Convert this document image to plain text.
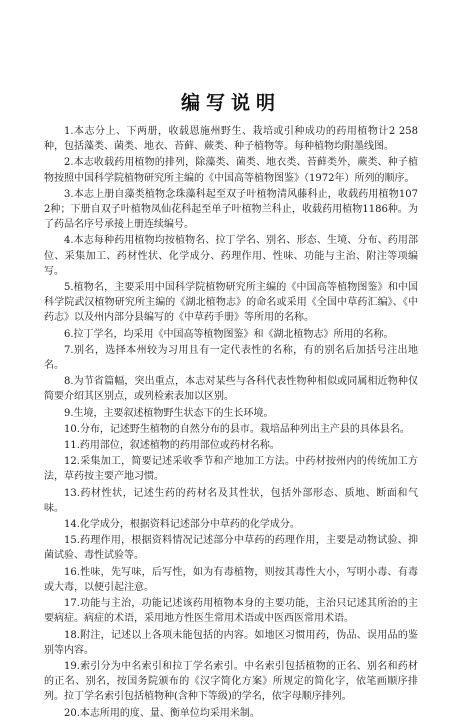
编写说明

1.本志分上、下两册，收载恩施州野生、栽培或引种成功的药用植物计2 258种，包括藻类、菌类、地衣、苔藓、蕨类、种子植物等。每种植物均附墨线图。

2.本志收载药用植物的排列，除藻类、菌类、地衣类、苔藓类外，蕨类、种子植物按照中国科学院植物研究所主编的《中国高等植物图鉴》（1972年）所列的顺序。

3.本志上册自藻类植物念珠藻科起至双子叶植物清风藤科止，收载药用植物1072种；下册自双子叶植物凤仙花科起至单子叶植物兰科止，收载药用植物1186种。为了药品名序号承接上册连续编号。

4.本志每种药用植物均按植物名、拉丁学名、别名、形态、生境、分布、药用部位、采集加工、药材性状、化学成分、药理作用、性味、功能与主治、附注等项编写。

5.植物名，主要采用中国科学院植物研究所主编的《中国高等植物图鉴》和中国科学院武汉植物研究所主编的《湖北植物志》的命名或采用《全国中草药汇编》、《中药志》以及州内部分县编写的《中草药手册》等所用的名称。

6.拉丁学名，均采用《中国高等植物图鉴》和《湖北植物志》所用的名称。

7.别名，选择本州较为习用且有一定代表性的名称，有的别名后加括号注出地名。

8.为节省篇幅，突出重点，本志对某些与各科代表性物种相似或同属相近物种仅简要介绍其区别点，或列检索表加以区别。

9.生境，主要叙述植物野生状态下的生长环境。

10.分布，记述野生植物的自然分布的县市。栽培品种列出主产县的具体县名。

11.药用部位，叙述植物的药用部位或药材名称。

12.采集加工，简要记述采收季节和产地加工方法。中药材按州内的传统加工方法，草药按主要产地习惯。

13.药材性状，记述生药的药材名及其性状，包括外部形态、质地、断面和气味。

14.化学成分，根据资料记述部分中草药的化学成分。

15.药理作用，根据资料情况记述部分中草药的药理作用，主要是动物试验、抑菌试验、毒性试验等。

16.性味，先写味，后写性，如为有毒植物，则按其毒性大小，写明小毒、有毒或大毒，以便引起注意。

17.功能与主治，功能记述该药用植物本身的主要功能，主治只记述其所治的主要病症。病症的术语，采用地方性医生常用术语或中医西医常用术语。

18.附注，记述以上各项未能包括的内容。如地区习惯用药，伪品、误用品的鉴别等内容。

19.索引分为中名索引和拉丁学名索引。中名索引包括植物的正名、别名和药材的正名、别名，按国务院颁布的《汉字简化方案》所规定的简化字，依笔画顺序排列。拉丁学名索引包括植物种(含种下等级)的学名，依字母顺序排列。

20.本志所用的度、量、衡单位均采用米制。
